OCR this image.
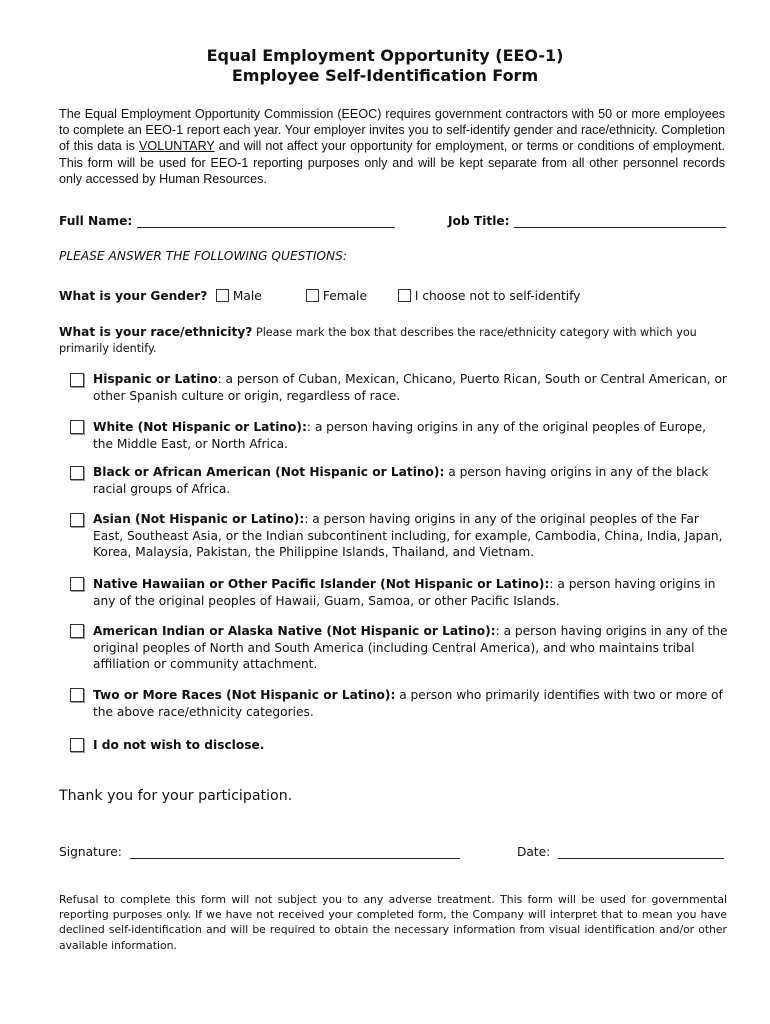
Equal Employment Opportunity (EEO-1)
Employee Self-Identification Form
The Equal Employment Opportunity Commission (EEOC) requires government contractors with 50 or more employees to complete an EEO-1 report each year. Your employer invites you to self-identify gender and race/ethnicity. Completion of this data is VOLUNTARY and will not affect your opportunity for employment, or terms or conditions of employment. This form will be used for EEO-1 reporting purposes only and will be kept separate from all other personnel records only accessed by Human Resources.
Full Name:	Job Title:
PLEASE ANSWER THE FOLLOWING QUESTIONS:
What is your Gender?	Male	Female	I choose not to self-identify
What is your race/ethnicity? Please mark the box that describes the race/ethnicity category with which you primarily identify.
Hispanic or Latino: a person of Cuban, Mexican, Chicano, Puerto Rican, South or Central American, or other Spanish culture or origin, regardless of race.
White (Not Hispanic or Latino):: a person having origins in any of the original peoples of Europe, the Middle East, or North Africa.
Black or African American (Not Hispanic or Latino): a person having origins in any of the black racial groups of Africa.
Asian (Not Hispanic or Latino):: a person having origins in any of the original peoples of the Far East, Southeast Asia, or the Indian subcontinent including, for example, Cambodia, China, India, Japan, Korea, Malaysia, Pakistan, the Philippine Islands, Thailand, and Vietnam.
Native Hawaiian or Other Pacific Islander (Not Hispanic or Latino):: a person having origins in any of the original peoples of Hawaii, Guam, Samoa, or other Pacific Islands.
American Indian or Alaska Native (Not Hispanic or Latino):: a person having origins in any of the original peoples of North and South America (including Central America), and who maintains tribal affiliation or community attachment.
Two or More Races (Not Hispanic or Latino): a person who primarily identifies with two or more of the above race/ethnicity categories.
I do not wish to disclose.
Thank you for your participation.
Signature:	Date:
Refusal to complete this form will not subject you to any adverse treatment. This form will be used for governmental reporting purposes only. If we have not received your completed form, the Company will interpret that to mean you have declined self-identification and will be required to obtain the necessary information from visual identification and/or other available information.
